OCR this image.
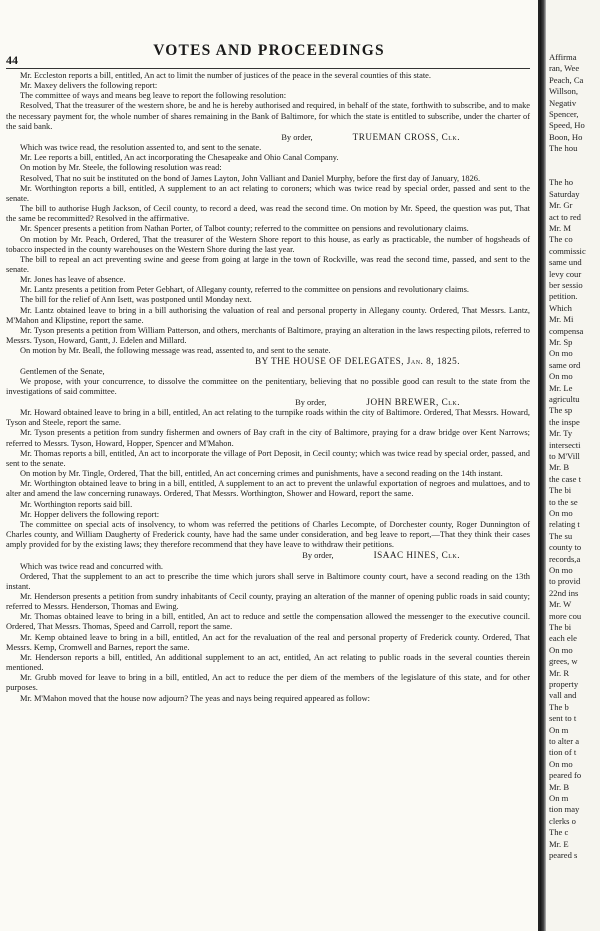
44
VOTES AND PROCEEDINGS

Mr. Eccleston reports a bill, entitled, An act to limit the number of justices of the peace in the several counties of this state.

Mr. Maxey delivers the following report:

The committee of ways and means beg leave to report the following resolution:

Resolved, That the treasurer of the western shore, be and he is hereby authorised and required, in behalf of the state, forthwith to subscribe, and to make the necessary payment for, the whole number of shares remaining in the Bank of Baltimore, for which the state is entitled to subscribe, under the charter of the said bank.

By order,	TRUEMAN CROSS, Clk.

Which was twice read, the resolution assented to, and sent to the senate.

Mr. Lee reports a bill, entitled, An act incorporating the Chesapeake and Ohio Canal Company.

On motion by Mr. Steele, the following resolution was read:

Resolved, That no suit be instituted on the bond of James Layton, John Valliant and Daniel Murphy, before the first day of January, 1826.

Mr. Worthington reports a bill, entitled, A supplement to an act relating to coroners; which was twice read by special order, passed and sent to the senate.

The bill to authorise Hugh Jackson, of Cecil county, to record a deed, was read the second time. On motion by Mr. Speed, the question was put, That the same be recommitted? Resolved in the affirmative.

Mr. Spencer presents a petition from Nathan Porter, of Talbot county; referred to the committee on pensions and revolutionary claims.

On motion by Mr. Peach, Ordered, That the treasurer of the Western Shore report to this house, as early as practicable, the number of hogsheads of tobacco inspected in the county warehouses on the Western Shore during the last year.

The bill to repeal an act preventing swine and geese from going at large in the town of Rockville, was read the second time, passed, and sent to the senate.

Mr. Jones has leave of absence.

Mr. Lantz presents a petition from Peter Gebhart, of Allegany county, referred to the committee on pensions and revolutionary claims.

The bill for the relief of Ann Isett, was postponed until Monday next.

Mr. Lantz obtained leave to bring in a bill authorising the valuation of real and personal property in Allegany county. Ordered, That Messrs. Lantz, M'Mahon and Klipstine, report the same.

Mr. Tyson presents a petition from William Patterson, and others, merchants of Baltimore, praying an alteration in the laws respecting pilots, referred to Messrs. Tyson, Howard, Gantt, J. Edelen and Millard.

On motion by Mr. Beall, the following message was read, assented to, and sent to the senate.

BY THE HOUSE OF DELEGATES, Jan. 8, 1825.

Gentlemen of the Senate,

We propose, with your concurrence, to dissolve the committee on the penitentiary, believing that no possible good can result to the state from the investigations of said committee.

By order,	JOHN BREWER, Clk.

Mr. Howard obtained leave to bring in a bill, entitled, An act relating to the turnpike roads within the city of Baltimore. Ordered, That Messrs. Howard, Tyson and Steele, report the same.

Mr. Tyson presents a petition from sundry fishermen and owners of Bay craft in the city of Baltimore, praying for a draw bridge over Kent Narrows; referred to Messrs. Tyson, Howard, Hopper, Spencer and M'Mahon.

Mr. Thomas reports a bill, entitled, An act to incorporate the village of Port Deposit, in Cecil county; which was twice read by special order, passed, and sent to the senate.

On motion by Mr. Tingle, Ordered, That the bill, entitled, An act concerning crimes and punishments, have a second reading on the 14th instant.

Mr. Worthington obtained leave to bring in a bill, entitled, A supplement to an act to prevent the unlawful exportation of negroes and mulattoes, and to alter and amend the law concerning runaways. Ordered, That Messrs. Worthington, Shower and Howard, report the same.

Mr. Worthington reports said bill.

Mr. Hopper delivers the following report:

The committee on special acts of insolvency, to whom was referred the petitions of Charles Lecompte, of Dorchester county, Roger Dunnington of Charles county, and William Daugherty of Frederick county, have had the same under consideration, and beg leave to report,—That they think their cases amply provided for by the existing laws; they therefore recommend that they have leave to withdraw their petitions.

By order,	ISAAC HINES, Clk.

Which was twice read and concurred with.

Ordered, That the supplement to an act to prescribe the time which jurors shall serve in Baltimore county court, have a second reading on the 13th instant.

Mr. Henderson presents a petition from sundry inhabitants of Cecil county, praying an alteration of the manner of opening public roads in said county; referred to Messrs. Henderson, Thomas and Ewing.

Mr. Thomas obtained leave to bring in a bill, entitled, An act to reduce and settle the compensation allowed the messenger to the executive council. Ordered, That Messrs. Thomas, Speed and Carroll, report the same.

Mr. Kemp obtained leave to bring in a bill, entitled, An act for the revaluation of the real and personal property of Frederick county. Ordered, That Messrs. Kemp, Cromwell and Barnes, report the same.

Mr. Henderson reports a bill, entitled, An additional supplement to an act, entitled, An act relating to public roads in the several counties therein mentioned.

Mr. Grubb moved for leave to bring in a bill, entitled, An act to reduce the per diem of the members of the legislature of this state, and for other purposes.

Mr. M'Mahon moved that the house now adjourn? The yeas and nays being required appeared as follow:

Affirma
ran, Wee
Peach, Ca
Willson,
Negativ
Spencer,
Speed, Ho
Boon, Ho
The hou
The ho
Saturday
Mr. Gr
act to red
Mr. M
The co
commissic
same und
levy cour
ber sessio
petition.
Which
Mr. Mi
compensa
Mr. Sp
On mo
same ord
On mo
Mr. Le
agricultu
The sp
the inspe
Mr. Ty
intersecti
to M'Vill
Mr. B
the case t
The bi
to the se
On mo
relating t
The su
county to
records,a
On mo
to provid
22nd ins
Mr. W
more cou
The bi
each ele
On mo
grees, w
Mr. R
property
vall and
The b
sent to t
On m
to alter a
tion of t
On mo
peared fo
Mr. B
On m
tion may
clerks o
The c
Mr. E
peared s
